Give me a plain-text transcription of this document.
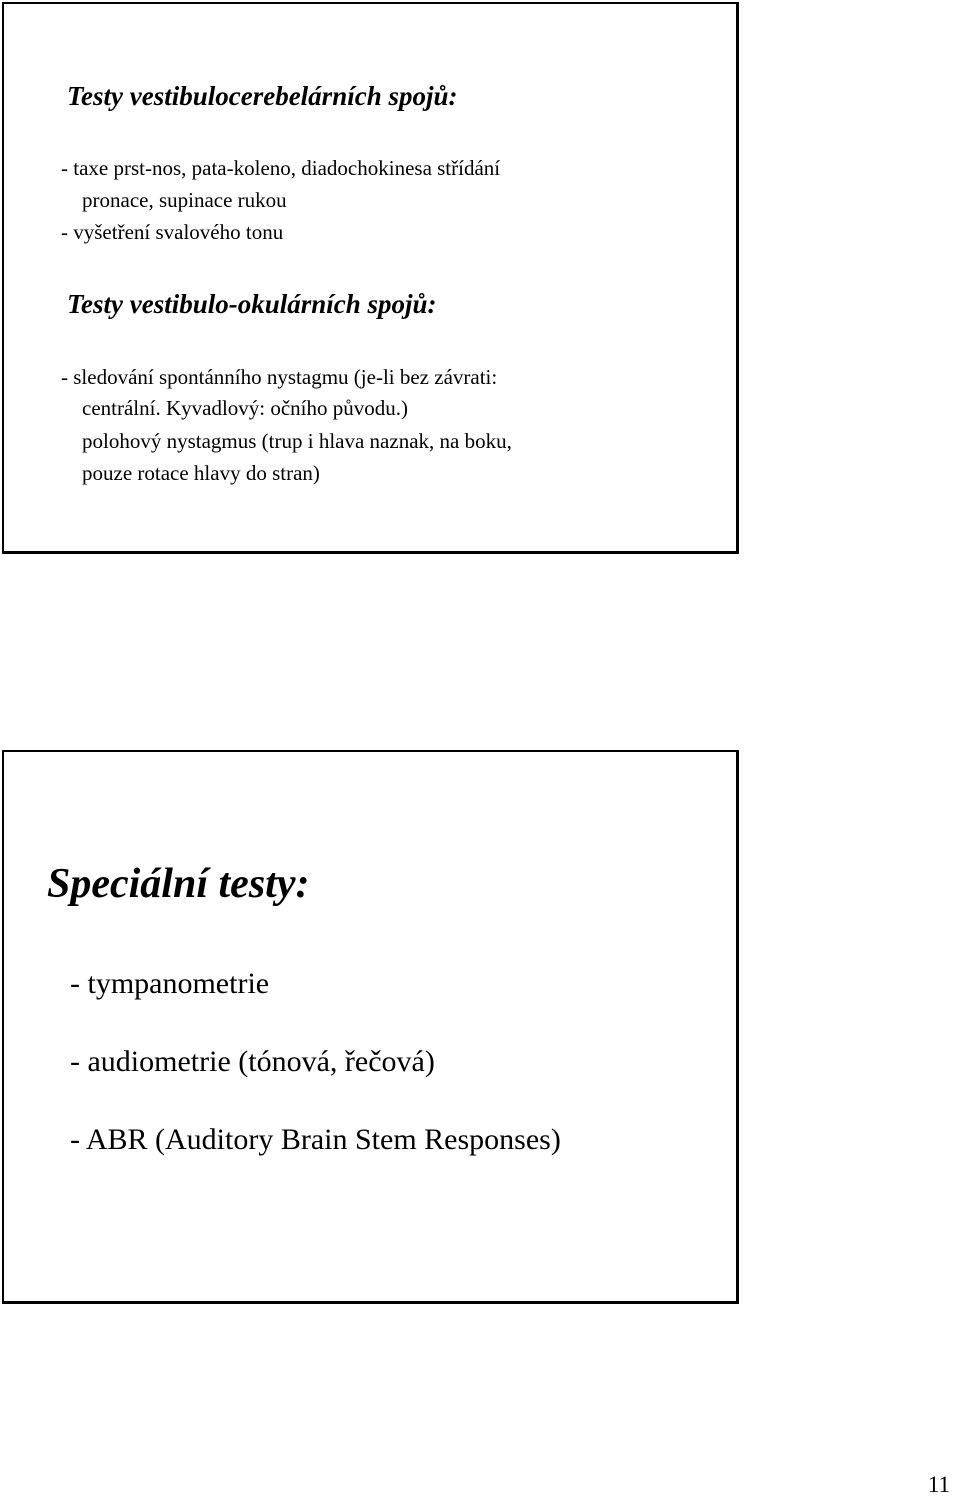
Testy vestibulocerebelárních spojů:

- taxe prst-nos, pata-koleno, diadochokinesa střídání

pronace, supinace rukou

- vyšetření svalového tonu

Testy vestibulo-okulárních spojů:

- sledování spontánního nystagmu (je-li bez závrati:

centrální. Kyvadlový: očního původu.)

polohový nystagmus (trup i hlava naznak, na boku,

pouze rotace hlavy do stran)

Speciální testy:

- tympanometrie

- audiometrie (tónová, řečová)

- ABR (Auditory Brain Stem Responses)

11
